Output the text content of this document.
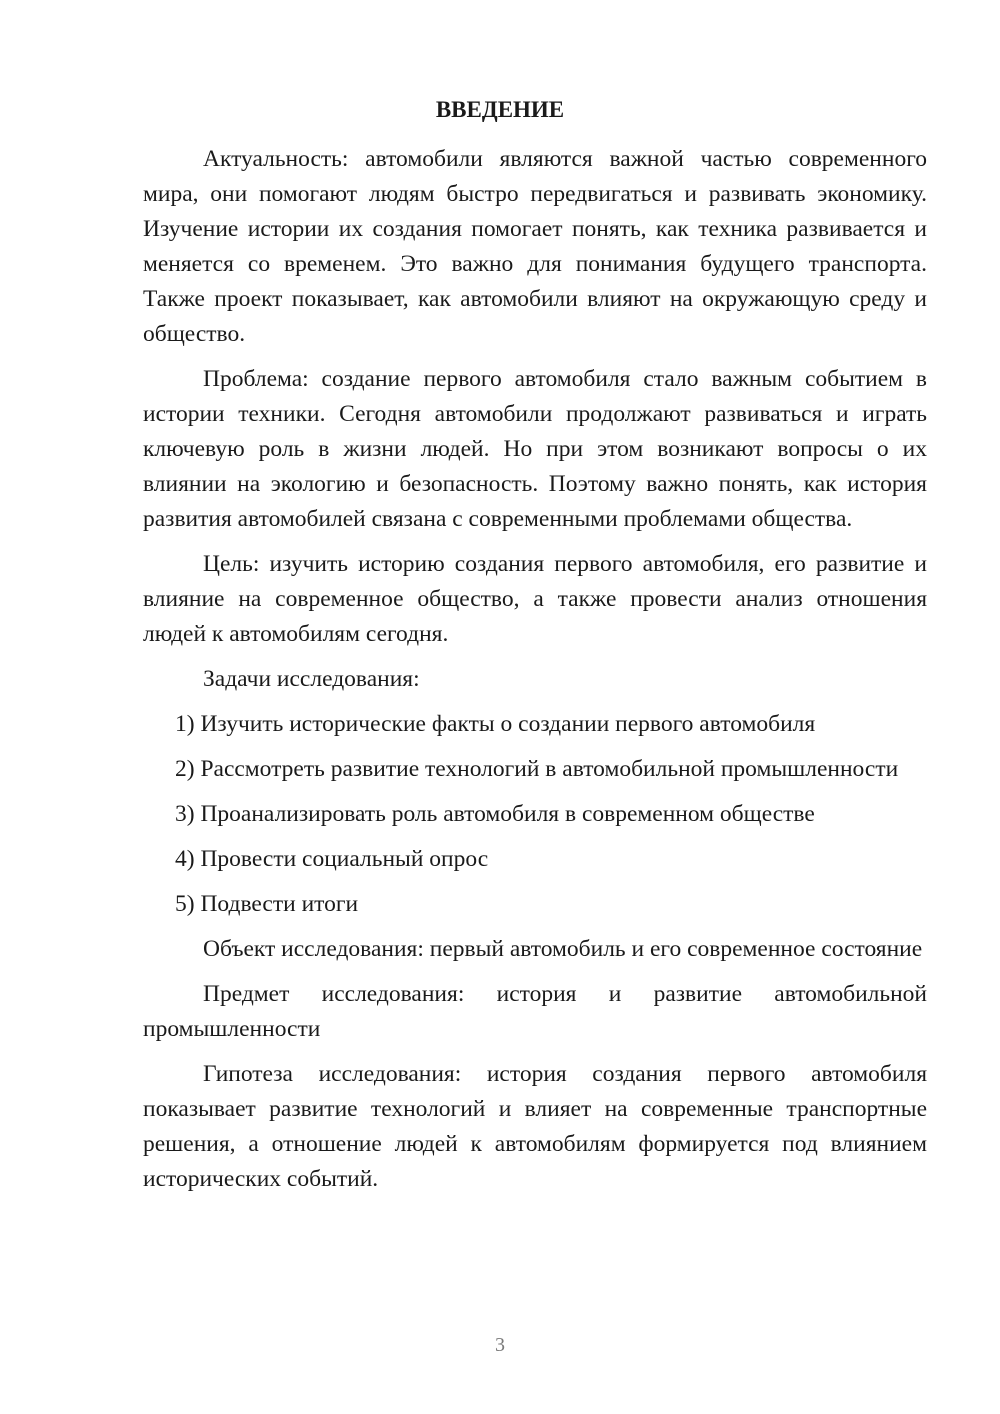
ВВЕДЕНИЕ

Актуальность: автомобили являются важной частью современного мира, они помогают людям быстро передвигаться и развивать экономику. Изучение истории их создания помогает понять, как техника развивается и меняется со временем. Это важно для понимания будущего транспорта. Также проект показывает, как автомобили влияют на окружающую среду и общество.

Проблема: создание первого автомобиля стало важным событием в истории техники. Сегодня автомобили продолжают развиваться и играть ключевую роль в жизни людей. Но при этом возникают вопросы о их влиянии на экологию и безопасность. Поэтому важно понять, как история развития автомобилей связана с современными проблемами общества.

Цель: изучить историю создания первого автомобиля, его развитие и влияние на современное общество, а также провести анализ отношения людей к автомобилям сегодня.

Задачи исследования:

1) Изучить исторические факты о создании первого автомобиля

2) Рассмотреть развитие технологий в автомобильной промышленности

3) Проанализировать роль автомобиля в современном обществе

4) Провести социальный опрос

5) Подвести итоги

Объект исследования: первый автомобиль и его современное состояние

Предмет исследования: история и развитие автомобильной промышленности

Гипотеза исследования: история создания первого автомобиля показывает развитие технологий и влияет на современные транспортные решения, а отношение людей к автомобилям формируется под влиянием исторических событий.

3
